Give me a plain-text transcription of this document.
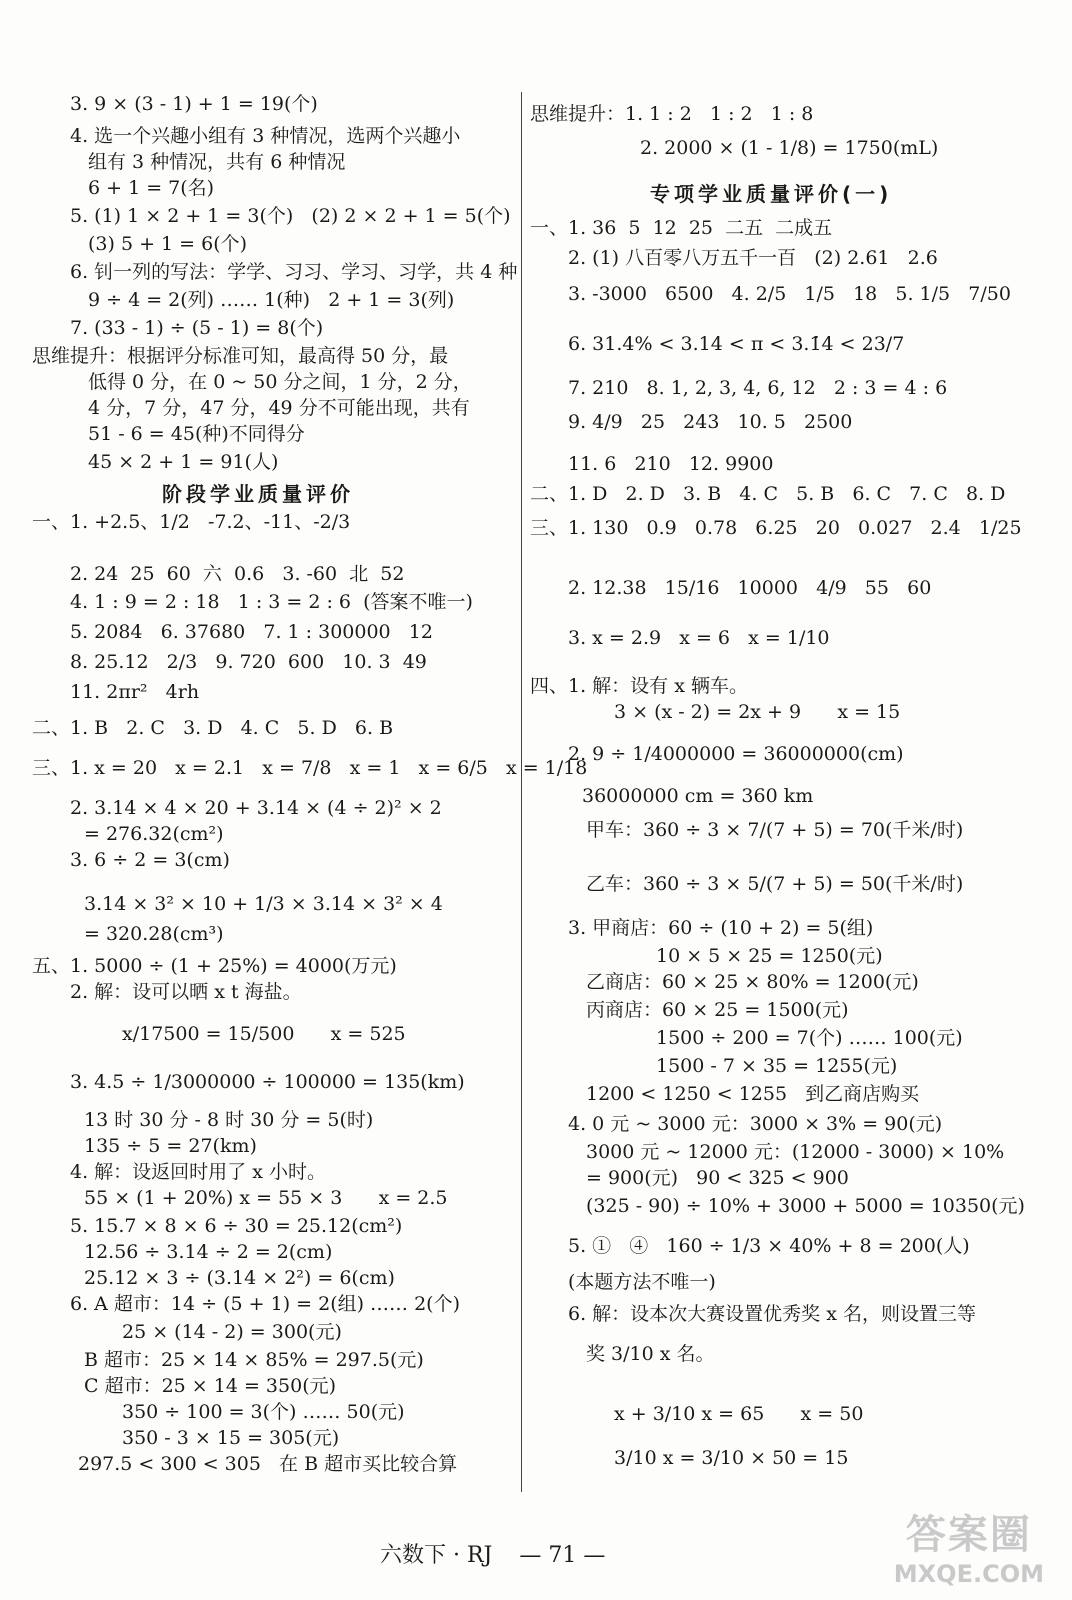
3. 9 × (3 - 1) + 1 = 19(个)
4. 选一个兴趣小组有 3 种情况，选两个兴趣小
组有 3 种情况，共有 6 种情况
6 + 1 = 7(名)
5. (1) 1 × 2 + 1 = 3(个)   (2) 2 × 2 + 1 = 5(个)
(3) 5 + 1 = 6(个)
6. 钊一列的写法：学学、习习、学习、习学，共 4 种
9 ÷ 4 = 2(列) …… 1(种)   2 + 1 = 3(列)
7. (33 - 1) ÷ (5 - 1) = 8(个)
思维提升：根据评分标准可知，最高得 50 分，最
低得 0 分，在 0 ~ 50 分之间，1 分，2 分，
4 分，7 分，47 分，49 分不可能出现，共有
51 - 6 = 45(种)不同得分
45 × 2 + 1 = 91(人)
一、1. +2.5、1/2   -7.2、-11、-2/3
2. 24  25  60  六  0.6   3. -60  北  52
4. 1 : 9 = 2 : 18   1 : 3 = 2 : 6  (答案不唯一)
5. 2084   6. 37680   7. 1 : 300000   12
8. 25.12   2/3   9. 720  600   10. 3  49
11. 2πr²   4rh
二、1. B   2. C   3. D   4. C   5. D   6. B
三、1. x = 20   x = 2.1   x = 7/8   x = 1   x = 6/5   x = 1/18
2. 3.14 × 4 × 20 + 3.14 × (4 ÷ 2)² × 2
= 276.32(cm²)
3. 6 ÷ 2 = 3(cm)
3.14 × 3² × 10 + 1/3 × 3.14 × 3² × 4
= 320.28(cm³)
五、1. 5000 ÷ (1 + 25%) = 4000(万元)
2. 解：设可以晒 x t 海盐。
x/17500 = 15/500      x = 525
3. 4.5 ÷ 1/3000000 ÷ 100000 = 135(km)
13 时 30 分 - 8 时 30 分 = 5(时)
135 ÷ 5 = 27(km)
4. 解：设返回时用了 x 小时。
55 × (1 + 20%) x = 55 × 3      x = 2.5
5. 15.7 × 8 × 6 ÷ 30 = 25.12(cm²)
12.56 ÷ 3.14 ÷ 2 = 2(cm)
25.12 × 3 ÷ (3.14 × 2²) = 6(cm)
6. A 超市：14 ÷ (5 + 1) = 2(组) …… 2(个)
25 × (14 - 2) = 300(元)
B 超市：25 × 14 × 85% = 297.5(元)
C 超市：25 × 14 = 350(元)
350 ÷ 100 = 3(个) …… 50(元)
350 - 3 × 15 = 305(元)
297.5 < 300 < 305   在 B 超市买比较合算
阶段学业质量评价
思维提升：1. 1 : 2   1 : 2   1 : 8
2. 2000 × (1 - 1/8) = 1750(mL)
一、1. 36  5  12  25  二五  二成五
2. (1) 八百零八万五千一百   (2) 2.61   2.6
3. -3000   6500   4. 2/5   1/5   18   5. 1/5   7/50
6. 31.4% < 3.14̇ < π < 3.1̇4̇ < 23/7
7. 210   8. 1, 2, 3, 4, 6, 12   2 : 3 = 4 : 6
9. 4/9   25   243   10. 5   2500
11. 6   210   12. 9900
二、1. D   2. D   3. B   4. C   5. B   6. C   7. C   8. D
三、1. 130   0.9   0.78   6.25   20   0.027   2.4   1/25
2. 12.38   15/16   10000   4/9   55   60
3. x = 2.9   x = 6   x = 1/10
四、1. 解：设有 x 辆车。
3 × (x - 2) = 2x + 9      x = 15
2. 9 ÷ 1/4000000 = 36000000(cm)
36000000 cm = 360 km
甲车：360 ÷ 3 × 7/(7 + 5) = 70(千米/时)
乙车：360 ÷ 3 × 5/(7 + 5) = 50(千米/时)
3. 甲商店：60 ÷ (10 + 2) = 5(组)
10 × 5 × 25 = 1250(元)
乙商店：60 × 25 × 80% = 1200(元)
丙商店：60 × 25 = 1500(元)
1500 ÷ 200 = 7(个) …… 100(元)
1500 - 7 × 35 = 1255(元)
1200 < 1250 < 1255   到乙商店购买
4. 0 元 ~ 3000 元：3000 × 3% = 90(元)
3000 元 ~ 12000 元：(12000 - 3000) × 10%
= 900(元)   90 < 325 < 900
(325 - 90) ÷ 10% + 3000 + 5000 = 10350(元)
5. ①   ④   160 ÷ 1/3 × 40% + 8 = 200(人)
(本题方法不唯一)
6. 解：设本次大赛设置优秀奖 x 名，则设置三等
奖 3/10 x 名。
x + 3/10 x = 65      x = 50
3/10 x = 3/10 × 50 = 15
专项学业质量评价(一)
六数下 · RJ — 71 —	答案圈
MXQE.COM
